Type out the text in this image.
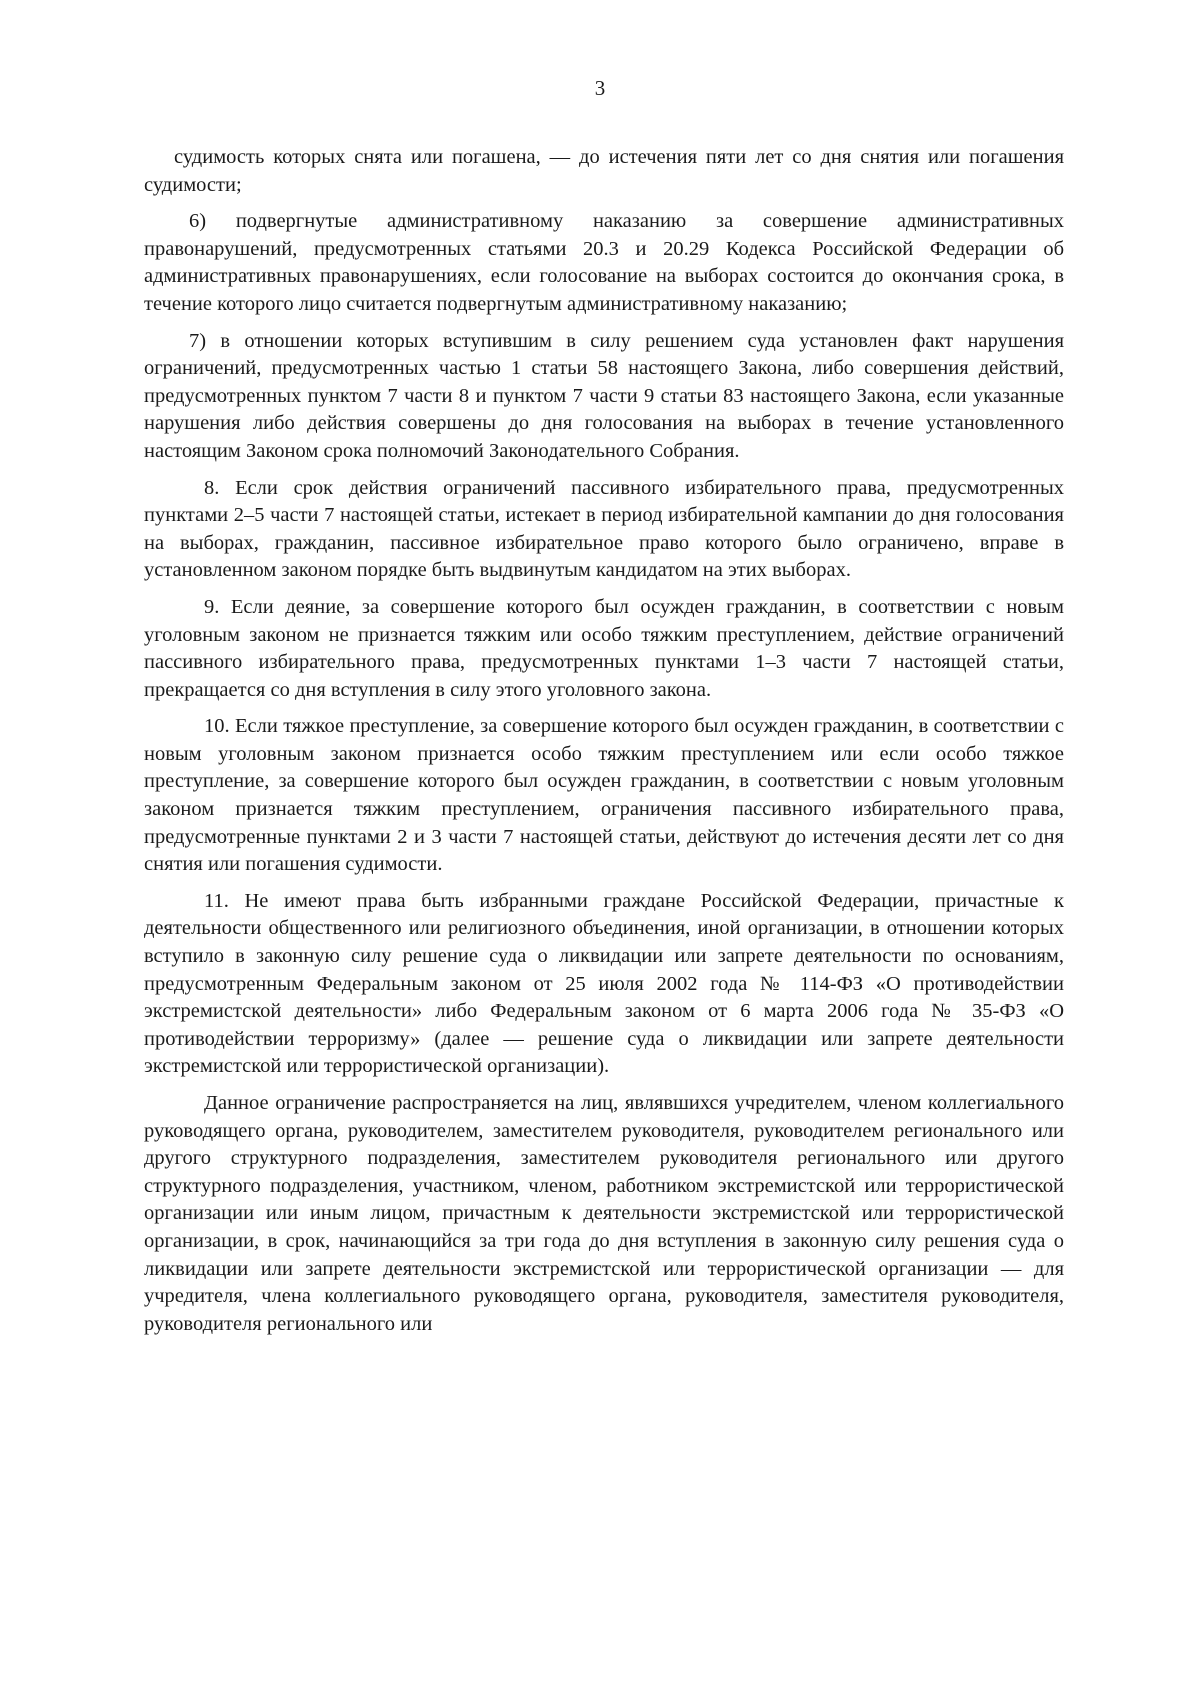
3

судимость которых снята или погашена, — до истечения пяти лет со дня снятия или погашения судимости;

6) подвергнутые административному наказанию за совершение административных правонарушений, предусмотренных статьями 20.3 и 20.29 Кодекса Российской Федерации об административных правонарушениях, если голосование на выборах состоится до окончания срока, в течение которого лицо считается подвергнутым административному наказанию;

7) в отношении которых вступившим в силу решением суда установлен факт нарушения ограничений, предусмотренных частью 1 статьи 58 настоящего Закона, либо совершения действий, предусмотренных пунктом 7 части 8 и пунктом 7 части 9 статьи 83 настоящего Закона, если указанные нарушения либо действия совершены до дня голосования на выборах в течение установленного настоящим Законом срока полномочий Законодательного Собрания.

8. Если срок действия ограничений пассивного избирательного права, предусмотренных пунктами 2–5 части 7 настоящей статьи, истекает в период избирательной кампании до дня голосования на выборах, гражданин, пассивное избирательное право которого было ограничено, вправе в установленном законом порядке быть выдвинутым кандидатом на этих выборах.

9. Если деяние, за совершение которого был осужден гражданин, в соответствии с новым уголовным законом не признается тяжким или особо тяжким преступлением, действие ограничений пассивного избирательного права, предусмотренных пунктами 1–3 части 7 настоящей статьи, прекращается со дня вступления в силу этого уголовного закона.

10. Если тяжкое преступление, за совершение которого был осужден гражданин, в соответствии с новым уголовным законом признается особо тяжким преступлением или если особо тяжкое преступление, за совершение которого был осужден гражданин, в соответствии с новым уголовным законом признается тяжким преступлением, ограничения пассивного избирательного права, предусмотренные пунктами 2 и 3 части 7 настоящей статьи, действуют до истечения десяти лет со дня снятия или погашения судимости.

11. Не имеют права быть избранными граждане Российской Федерации, причастные к деятельности общественного или религиозного объединения, иной организации, в отношении которых вступило в законную силу решение суда о ликвидации или запрете деятельности по основаниям, предусмотренным Федеральным законом от 25 июля 2002 года № 114-ФЗ «О противодействии экстремистской деятельности» либо Федеральным законом от 6 марта 2006 года № 35-ФЗ «О противодействии терроризму» (далее — решение суда о ликвидации или запрете деятельности экстремистской или террористической организации).

Данное ограничение распространяется на лиц, являвшихся учредителем, членом коллегиального руководящего органа, руководителем, заместителем руководителя, руководителем регионального или другого структурного подразделения, заместителем руководителя регионального или другого структурного подразделения, участником, членом, работником экстремистской или террористической организации или иным лицом, причастным к деятельности экстремистской или террористической организации, в срок, начинающийся за три года до дня вступления в законную силу решения суда о ликвидации или запрете деятельности экстремистской или террористической организации — для учредителя, члена коллегиального руководящего органа, руководителя, заместителя руководителя, руководителя регионального или
